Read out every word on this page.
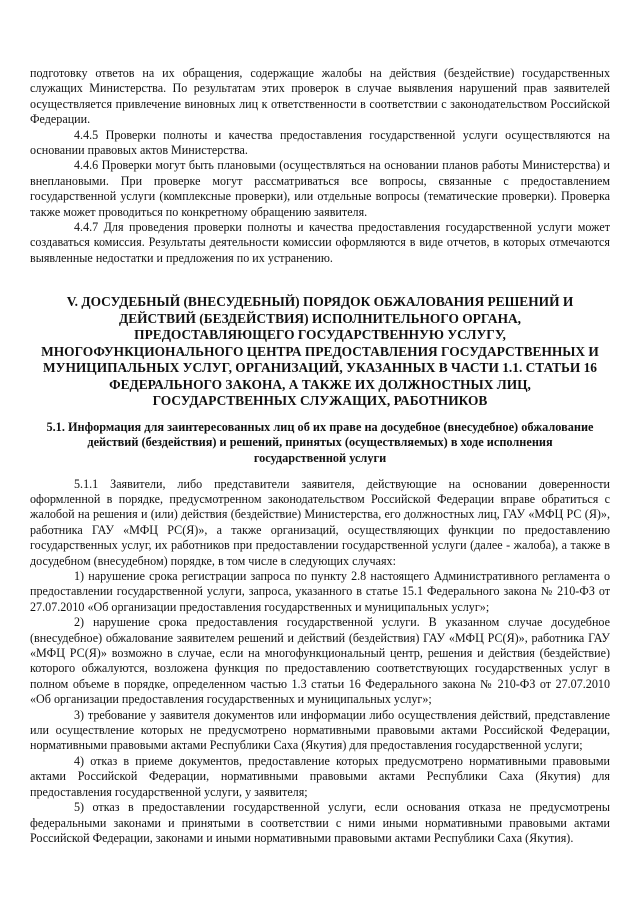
подготовку ответов на их обращения, содержащие жалобы на действия (бездействие) государственных служащих Министерства. По результатам этих проверок в случае выявления нарушений прав заявителей осуществляется привлечение виновных лиц к ответственности в соответствии с законодательством Российской Федерации.

4.4.5 Проверки полноты и качества предоставления государственной услуги осуществляются на основании правовых актов Министерства.

4.4.6 Проверки могут быть плановыми (осуществляться на основании планов работы Министерства) и внеплановыми. При проверке могут рассматриваться все вопросы, связанные с предоставлением государственной услуги (комплексные проверки), или отдельные вопросы (тематические проверки). Проверка также может проводиться по конкретному обращению заявителя.

4.4.7 Для проведения проверки полноты и качества предоставления государственной услуги может создаваться комиссия. Результаты деятельности комиссии оформляются в виде отчетов, в которых отмечаются выявленные недостатки и предложения по их устранению.

V. ДОСУДЕБНЫЙ (ВНЕСУДЕБНЫЙ) ПОРЯДОК ОБЖАЛОВАНИЯ РЕШЕНИЙ И ДЕЙСТВИЙ (БЕЗДЕЙСТВИЯ) ИСПОЛНИТЕЛЬНОГО ОРГАНА, ПРЕДОСТАВЛЯЮЩЕГО ГОСУДАРСТВЕННУЮ УСЛУГУ, МНОГОФУНКЦИОНАЛЬНОГО ЦЕНТРА ПРЕДОСТАВЛЕНИЯ ГОСУДАРСТВЕННЫХ И МУНИЦИПАЛЬНЫХ УСЛУГ, ОРГАНИЗАЦИЙ, УКАЗАННЫХ В ЧАСТИ 1.1. СТАТЬИ 16 ФЕДЕРАЛЬНОГО ЗАКОНА, А ТАКЖЕ ИХ ДОЛЖНОСТНЫХ ЛИЦ, ГОСУДАРСТВЕННЫХ СЛУЖАЩИХ, РАБОТНИКОВ

5.1. Информация для заинтересованных лиц об их праве на досудебное (внесудебное) обжалование действий (бездействия) и решений, принятых (осуществляемых) в ходе исполнения государственной услуги

5.1.1 Заявители, либо представители заявителя, действующие на основании доверенности оформленной в порядке, предусмотренном законодательством Российской Федерации вправе обратиться с жалобой на решения и (или) действия (бездействие) Министерства, его должностных лиц, ГАУ «МФЦ РС (Я)», работника ГАУ «МФЦ РС(Я)», а также организаций, осуществляющих функции по предоставлению государственных услуг, их работников при предоставлении государственной услуги (далее - жалоба), а также в досудебном (внесудебном) порядке, в том числе в следующих случаях:

1) нарушение срока регистрации запроса по пункту 2.8 настоящего Административного регламента о предоставлении государственной услуги, запроса, указанного в статье 15.1 Федерального закона № 210-ФЗ от 27.07.2010 «Об организации предоставления государственных и муниципальных услуг»;

2) нарушение срока предоставления государственной услуги. В указанном случае досудебное (внесудебное) обжалование заявителем решений и действий (бездействия) ГАУ «МФЦ РС(Я)», работника ГАУ «МФЦ РС(Я)» возможно в случае, если на многофункциональный центр, решения и действия (бездействие) которого обжалуются, возложена функция по предоставлению соответствующих государственных услуг в полном объеме в порядке, определенном частью 1.3 статьи 16 Федерального закона № 210-ФЗ от 27.07.2010 «Об организации предоставления государственных и муниципальных услуг»;

3) требование у заявителя документов или информации либо осуществления действий, представление или осуществление которых не предусмотрено нормативными правовыми актами Российской Федерации, нормативными правовыми актами Республики Саха (Якутия) для предоставления государственной услуги;

4) отказ в приеме документов, предоставление которых предусмотрено нормативными правовыми актами Российской Федерации, нормативными правовыми актами Республики Саха (Якутия) для предоставления государственной услуги, у заявителя;

5) отказ в предоставлении государственной услуги, если основания отказа не предусмотрены федеральными законами и принятыми в соответствии с ними иными нормативными правовыми актами Российской Федерации, законами и иными нормативными правовыми актами Республики Саха (Якутия).
